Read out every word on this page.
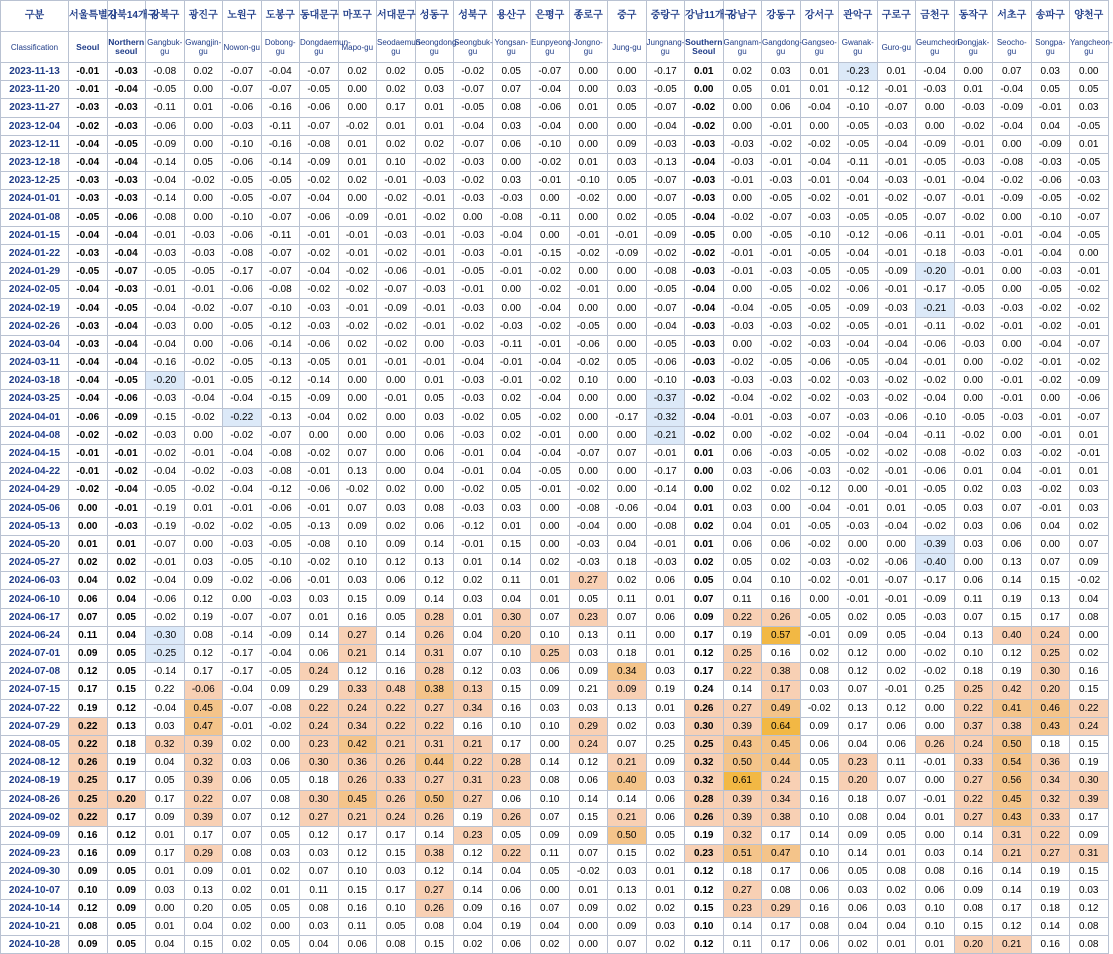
구분	서울특별시	강북14개구	강북구	광진구	노원구	도봉구	동대문구	마포구	서대문구	성동구	성북구	용산구	은평구	종로구	중구	중랑구	강남11개구	강남구	강동구	강서구	관악구	구로구	금천구	동작구	서초구	송파구	양천구	
Classification	Seoul	Northern seoul	Gangbuk-gu	Gwangjin-gu	Nowon-gu	Dobong-gu	Dongdaemun-gu	Mapo-gu	Seodaemun-gu	Seongdong-gu	Seongbuk-gu	Yongsan-gu	Eunpyeong-gu	Jongno-gu	Jung-gu	Jungnang-gu	Southern Seoul	Gangnam-gu	Gangdong-gu	Gangseo-gu	Gwanak-gu	Guro-gu	Geumcheon-gu	Dongjak-gu	Seocho-gu	Songpa-gu	Yangcheon-gu	
2023-11-13	-0.01	-0.03	-0.08	0.02	-0.07	-0.04	-0.07	0.02	0.02	0.05	-0.02	0.05	-0.07	0.00	0.00	-0.17	0.01	0.02	0.03	0.01	-0.23	0.01	-0.04	0.00	0.07	0.03	0.00	
2023-11-20	-0.01	-0.04	-0.05	0.00	-0.07	-0.07	-0.05	0.00	0.02	0.03	-0.07	0.07	-0.04	0.00	0.03	-0.05	0.00	0.05	0.01	0.01	-0.12	-0.01	-0.03	0.01	-0.04	0.05	0.05	
2023-11-27	-0.03	-0.03	-0.11	0.01	-0.06	-0.16	-0.06	0.00	0.17	0.01	-0.05	0.08	-0.06	0.01	0.05	-0.07	-0.02	0.00	0.06	-0.04	-0.10	-0.07	0.00	-0.03	-0.09	-0.01	0.03	
2023-12-04	-0.02	-0.03	-0.06	0.00	-0.03	-0.11	-0.07	-0.02	0.01	0.01	-0.04	0.03	-0.04	0.00	0.00	-0.04	-0.02	0.00	-0.01	0.00	-0.05	-0.03	0.00	-0.02	-0.04	0.04	-0.05	
2023-12-11	-0.04	-0.05	-0.09	0.00	-0.10	-0.16	-0.08	0.01	0.02	0.02	-0.07	0.06	-0.10	0.00	0.09	-0.03	-0.03	-0.03	-0.02	-0.02	-0.05	-0.04	-0.09	-0.01	0.00	-0.09	0.01	
2023-12-18	-0.04	-0.04	-0.14	0.05	-0.06	-0.14	-0.09	0.01	0.10	-0.02	-0.03	0.00	-0.02	0.01	0.03	-0.13	-0.04	-0.03	-0.01	-0.04	-0.11	-0.01	-0.05	-0.03	-0.08	-0.03	-0.05	
2023-12-25	-0.03	-0.03	-0.04	-0.02	-0.05	-0.05	-0.02	0.02	-0.01	-0.03	-0.02	0.03	-0.01	-0.10	0.05	-0.07	-0.03	-0.01	-0.03	-0.01	-0.04	-0.03	-0.01	-0.04	-0.02	-0.06	-0.03	
2024-01-01	-0.03	-0.03	-0.14	0.00	-0.05	-0.07	-0.04	0.00	-0.02	-0.01	-0.03	-0.03	0.00	-0.02	0.00	-0.07	-0.03	0.00	-0.05	-0.02	-0.01	-0.02	-0.07	-0.01	-0.09	-0.05	-0.02	
2024-01-08	-0.05	-0.06	-0.08	0.00	-0.10	-0.07	-0.06	-0.09	-0.01	-0.02	0.00	-0.08	-0.11	0.00	0.02	-0.05	-0.04	-0.02	-0.07	-0.03	-0.05	-0.05	-0.07	-0.02	0.00	-0.10	-0.07	
2024-01-15	-0.04	-0.04	-0.01	-0.03	-0.06	-0.11	-0.01	-0.01	-0.03	-0.01	-0.03	-0.04	0.00	-0.01	-0.01	-0.09	-0.05	0.00	-0.05	-0.10	-0.12	-0.06	-0.11	-0.01	-0.01	-0.04	-0.05	
2024-01-22	-0.03	-0.04	-0.03	-0.03	-0.08	-0.07	-0.02	-0.01	-0.02	-0.01	-0.03	-0.01	-0.15	-0.02	-0.09	-0.02	-0.02	-0.01	-0.01	-0.05	-0.04	-0.01	-0.18	-0.03	-0.01	-0.04	0.00	
2024-01-29	-0.05	-0.07	-0.05	-0.05	-0.17	-0.07	-0.04	-0.02	-0.06	-0.01	-0.05	-0.01	-0.02	0.00	0.00	-0.08	-0.03	-0.01	-0.03	-0.05	-0.05	-0.09	-0.20	-0.01	0.00	-0.03	-0.01	
2024-02-05	-0.04	-0.03	-0.01	-0.01	-0.06	-0.08	-0.02	-0.02	-0.07	-0.03	-0.01	0.00	-0.02	-0.01	0.00	-0.05	-0.04	0.00	-0.05	-0.02	-0.06	-0.01	-0.17	-0.05	0.00	-0.05	-0.02	
2024-02-19	-0.04	-0.05	-0.04	-0.02	-0.07	-0.10	-0.03	-0.01	-0.09	-0.01	-0.03	0.00	-0.04	0.00	0.00	-0.07	-0.04	-0.04	-0.05	-0.05	-0.09	-0.03	-0.21	-0.03	-0.03	-0.02	-0.02	
2024-02-26	-0.03	-0.04	-0.03	0.00	-0.05	-0.12	-0.03	-0.02	-0.02	-0.01	-0.02	-0.03	-0.02	-0.05	0.00	-0.04	-0.03	-0.03	-0.03	-0.02	-0.05	-0.01	-0.11	-0.02	-0.01	-0.02	-0.01	
2024-03-04	-0.03	-0.04	-0.04	0.00	-0.06	-0.14	-0.06	0.02	-0.02	0.00	-0.03	-0.11	-0.01	-0.06	0.00	-0.05	-0.03	0.00	-0.02	-0.03	-0.04	-0.04	-0.06	-0.03	0.00	-0.04	-0.07	
2024-03-11	-0.04	-0.04	-0.16	-0.02	-0.05	-0.13	-0.05	0.01	-0.01	-0.01	-0.04	-0.01	-0.04	-0.02	0.05	-0.06	-0.03	-0.02	-0.05	-0.06	-0.05	-0.04	-0.01	0.00	-0.02	-0.01	-0.02	
2024-03-18	-0.04	-0.05	-0.20	-0.01	-0.05	-0.12	-0.14	0.00	0.00	0.01	-0.03	-0.01	-0.02	0.10	0.00	-0.10	-0.03	-0.03	-0.03	-0.02	-0.03	-0.02	-0.02	0.00	-0.01	-0.02	-0.09	
2024-03-25	-0.04	-0.06	-0.03	-0.04	-0.04	-0.15	-0.09	0.00	-0.01	0.05	-0.03	0.02	-0.04	0.00	0.00	-0.37	-0.02	-0.04	-0.02	-0.02	-0.03	-0.02	-0.04	0.00	-0.01	0.00	-0.06	
2024-04-01	-0.06	-0.09	-0.15	-0.02	-0.22	-0.13	-0.04	0.02	0.00	0.03	-0.02	0.05	-0.02	0.00	-0.17	-0.32	-0.04	-0.01	-0.03	-0.07	-0.03	-0.06	-0.10	-0.05	-0.03	-0.01	-0.07	
2024-04-08	-0.02	-0.02	-0.03	0.00	-0.02	-0.07	0.00	0.00	0.00	0.06	-0.03	0.02	-0.01	0.00	0.00	-0.21	-0.02	0.00	-0.02	-0.02	-0.04	-0.04	-0.11	-0.02	0.00	-0.01	0.01	
2024-04-15	-0.01	-0.01	-0.02	-0.01	-0.04	-0.08	-0.02	0.07	0.00	0.06	-0.01	0.04	-0.04	-0.07	0.07	-0.01	0.01	0.06	-0.03	-0.05	-0.02	-0.02	-0.08	-0.02	0.03	-0.02	-0.01	
2024-04-22	-0.01	-0.02	-0.04	-0.02	-0.03	-0.08	-0.01	0.13	0.00	0.04	-0.01	0.04	-0.05	0.00	0.00	-0.17	0.00	0.03	-0.06	-0.03	-0.02	-0.01	-0.06	0.01	0.04	-0.01	0.01	
2024-04-29	-0.02	-0.04	-0.05	-0.02	-0.04	-0.12	-0.06	-0.02	0.02	0.00	-0.02	0.05	-0.01	-0.02	0.00	-0.14	0.00	0.02	0.02	-0.12	0.00	-0.01	-0.05	0.02	0.03	-0.02	0.03	
2024-05-06	0.00	-0.01	-0.19	0.01	-0.01	-0.06	-0.01	0.07	0.03	0.08	-0.03	0.03	0.00	-0.08	-0.06	-0.04	0.01	0.03	0.00	-0.04	-0.01	0.01	-0.05	0.03	0.07	-0.01	0.03	
2024-05-13	0.00	-0.03	-0.19	-0.02	-0.02	-0.05	-0.13	0.09	0.02	0.06	-0.12	0.01	0.00	-0.04	0.00	-0.08	0.02	0.04	0.01	-0.05	-0.03	-0.04	-0.02	0.03	0.06	0.04	0.02	
2024-05-20	0.01	0.01	-0.07	0.00	-0.03	-0.05	-0.08	0.10	0.09	0.14	-0.01	0.15	0.00	-0.03	0.04	-0.01	0.01	0.06	0.06	-0.02	0.00	0.00	-0.39	0.03	0.06	0.00	0.07	
2024-05-27	0.02	0.02	-0.01	0.03	-0.05	-0.10	-0.02	0.10	0.12	0.13	0.01	0.14	0.02	-0.03	0.18	-0.03	0.02	0.05	0.02	-0.03	-0.02	-0.06	-0.40	0.00	0.13	0.07	0.09	
2024-06-03	0.04	0.02	-0.04	0.09	-0.02	-0.06	-0.01	0.03	0.06	0.12	0.02	0.11	0.01	0.27	0.02	0.06	0.05	0.04	0.10	-0.02	-0.01	-0.07	-0.17	0.06	0.14	0.15	-0.02	
2024-06-10	0.06	0.04	-0.06	0.12	0.00	-0.03	0.03	0.15	0.09	0.14	0.03	0.04	0.01	0.05	0.11	0.01	0.07	0.11	0.16	0.00	-0.01	-0.01	-0.09	0.11	0.19	0.13	0.04	
2024-06-17	0.07	0.05	-0.02	0.19	-0.07	-0.07	0.01	0.16	0.05	0.28	0.01	0.30	0.07	0.23	0.07	0.06	0.09	0.22	0.26	-0.05	0.02	0.05	-0.03	0.07	0.15	0.17	0.08	
2024-06-24	0.11	0.04	-0.30	0.08	-0.14	-0.09	0.14	0.27	0.14	0.26	0.04	0.20	0.10	0.13	0.11	0.00	0.17	0.19	0.57	-0.01	0.09	0.05	-0.04	0.13	0.40	0.24	0.00	
2024-07-01	0.09	0.05	-0.25	0.12	-0.17	-0.04	0.06	0.21	0.14	0.31	0.07	0.10	0.25	0.03	0.18	0.01	0.12	0.25	0.16	0.02	0.12	0.00	-0.02	0.10	0.12	0.25	0.02	
2024-07-08	0.12	0.05	-0.14	0.17	-0.17	-0.05	0.24	0.12	0.16	0.28	0.12	0.03	0.06	0.09	0.34	0.03	0.17	0.22	0.38	0.08	0.12	0.02	-0.02	0.18	0.19	0.30	0.16	
2024-07-15	0.17	0.15	0.22	-0.06	-0.04	0.09	0.29	0.33	0.48	0.38	0.13	0.15	0.09	0.21	0.09	0.19	0.24	0.14	0.17	0.03	0.07	-0.01	0.25	0.25	0.42	0.20	0.15	
2024-07-22	0.19	0.12	-0.04	0.45	-0.07	-0.08	0.22	0.24	0.22	0.27	0.34	0.16	0.03	0.03	0.13	0.01	0.26	0.27	0.49	-0.02	0.13	0.12	0.00	0.22	0.41	0.46	0.22	
2024-07-29	0.22	0.13	0.03	0.47	-0.01	-0.02	0.24	0.34	0.22	0.22	0.16	0.10	0.10	0.29	0.02	0.03	0.30	0.39	0.64	0.09	0.17	0.06	0.00	0.37	0.38	0.43	0.24	
2024-08-05	0.22	0.18	0.32	0.39	0.02	0.00	0.23	0.42	0.21	0.31	0.21	0.17	0.00	0.24	0.07	0.25	0.25	0.43	0.45	0.06	0.04	0.06	0.26	0.24	0.50	0.18	0.15	
2024-08-12	0.26	0.19	0.04	0.32	0.03	0.06	0.30	0.36	0.26	0.44	0.22	0.28	0.14	0.12	0.21	0.09	0.32	0.50	0.44	0.05	0.23	0.11	-0.01	0.33	0.54	0.36	0.19	
2024-08-19	0.25	0.17	0.05	0.39	0.06	0.05	0.18	0.26	0.33	0.27	0.31	0.23	0.08	0.06	0.40	0.03	0.32	0.61	0.24	0.15	0.20	0.07	0.00	0.27	0.56	0.34	0.30	
2024-08-26	0.25	0.20	0.17	0.22	0.07	0.08	0.30	0.45	0.26	0.50	0.27	0.06	0.10	0.14	0.14	0.06	0.28	0.39	0.34	0.16	0.18	0.07	-0.01	0.22	0.45	0.32	0.39	
2024-09-02	0.22	0.17	0.09	0.39	0.07	0.12	0.27	0.21	0.24	0.26	0.19	0.26	0.07	0.15	0.21	0.06	0.26	0.39	0.38	0.10	0.08	0.04	0.01	0.27	0.43	0.33	0.17	
2024-09-09	0.16	0.12	0.01	0.17	0.07	0.05	0.12	0.17	0.17	0.14	0.23	0.05	0.09	0.09	0.50	0.05	0.19	0.32	0.17	0.14	0.09	0.05	0.00	0.14	0.31	0.22	0.09	
2024-09-23	0.16	0.09	0.17	0.29	0.08	0.03	0.03	0.12	0.15	0.38	0.12	0.22	0.11	0.07	0.15	0.02	0.23	0.51	0.47	0.10	0.14	0.01	0.03	0.14	0.21	0.27	0.31	
2024-09-30	0.09	0.05	0.01	0.09	0.01	0.02	0.07	0.10	0.03	0.12	0.14	0.04	0.05	-0.02	0.03	0.01	0.12	0.18	0.17	0.06	0.05	0.08	0.08	0.16	0.14	0.19	0.15	
2024-10-07	0.10	0.09	0.03	0.13	0.02	0.01	0.11	0.15	0.17	0.27	0.14	0.06	0.00	0.01	0.13	0.01	0.12	0.27	0.08	0.06	0.03	0.02	0.06	0.09	0.14	0.19	0.03	
2024-10-14	0.12	0.09	0.00	0.20	0.05	0.05	0.08	0.16	0.10	0.26	0.09	0.16	0.07	0.09	0.02	0.02	0.15	0.23	0.29	0.16	0.06	0.03	0.10	0.08	0.17	0.18	0.12	
2024-10-21	0.08	0.05	0.01	0.04	0.02	0.00	0.03	0.11	0.05	0.08	0.04	0.19	0.04	0.00	0.09	0.03	0.10	0.14	0.17	0.08	0.04	0.04	0.10	0.15	0.12	0.14	0.08	
2024-10-28	0.09	0.05	0.04	0.15	0.02	0.05	0.04	0.06	0.08	0.15	0.02	0.06	0.02	0.00	0.07	0.02	0.12	0.11	0.17	0.06	0.02	0.01	0.01	0.20	0.21	0.16	0.08	
